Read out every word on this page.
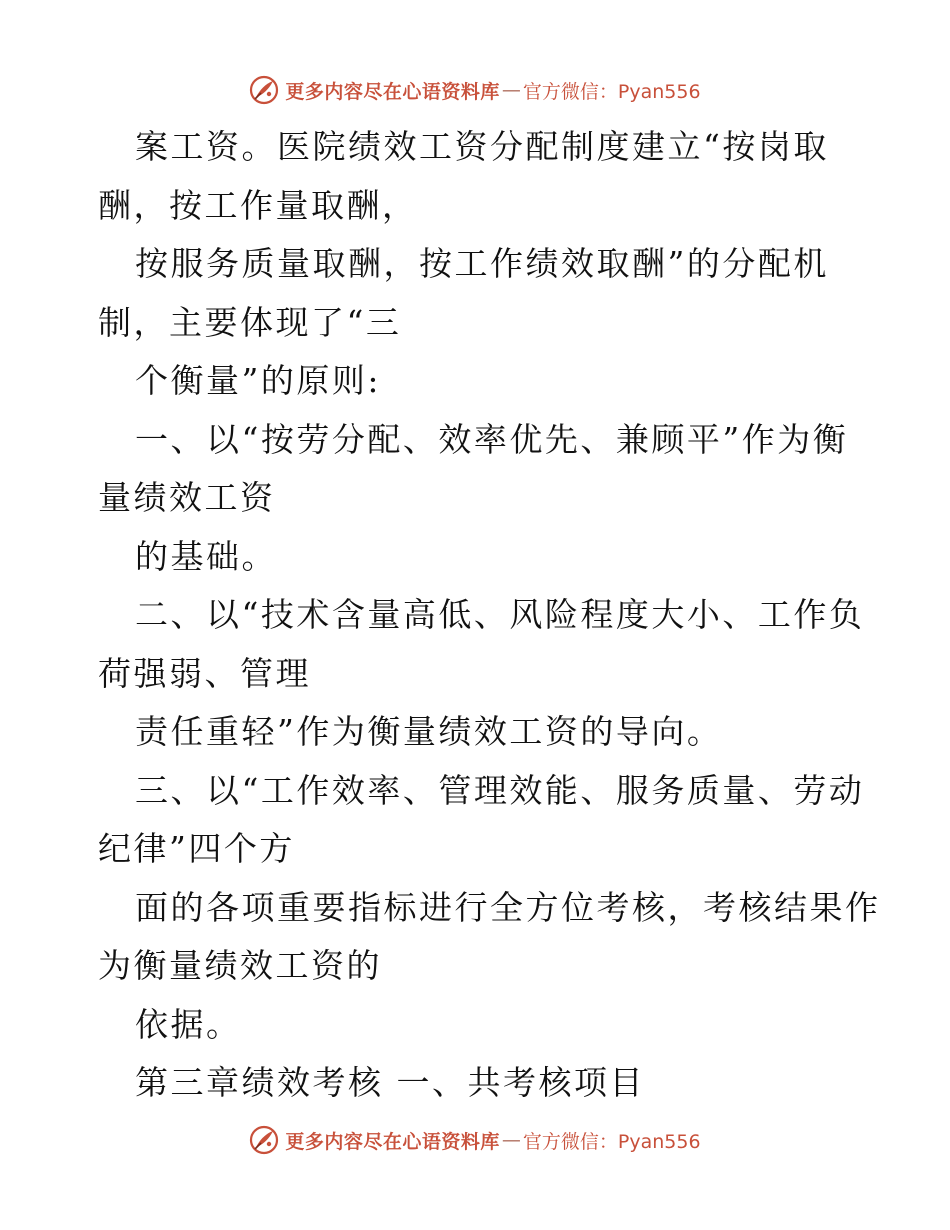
更多内容尽在心语资料库 — 官方微信：Pyan556
案工资。医院绩效工资分配制度建立“按岗取
酬，按工作量取酬，
按服务质量取酬，按工作绩效取酬”的分配机
制，主要体现了“三
个衡量”的原则:
一、以“按劳分配、效率优先、兼顾平”作为衡
量绩效工资
的基础。
二、以“技术含量高低、风险程度大小、工作负
荷强弱、管理
责任重轻”作为衡量绩效工资的导向。
三、以“工作效率、管理效能、服务质量、劳动
纪律”四个方
面的各项重要指标进行全方位考核，考核结果作
为衡量绩效工资的
依据。
第三章绩效考核 一、共考核项目
更多内容尽在心语资料库 — 官方微信：Pyan556
